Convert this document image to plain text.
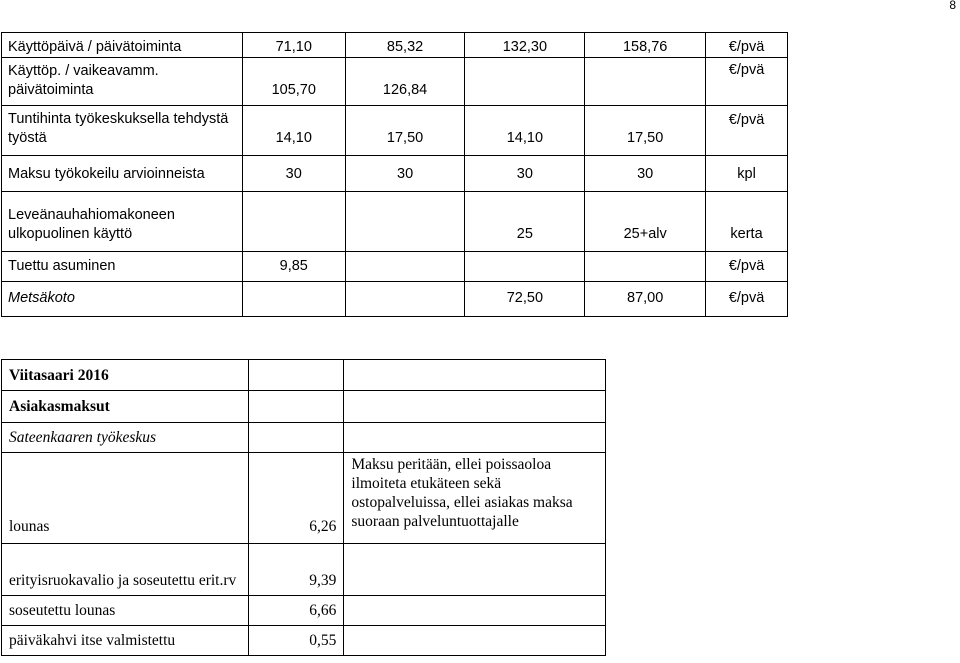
8
Käyttöpäivä / päivätoiminta	71,10	85,32	132,30	158,76	€/pvä
Käyttöp. / vaikeavamm. päivätoiminta	105,70	126,84			€/pvä
Tuntihinta työkeskuksella tehdystä työstä	14,10	17,50	14,10	17,50	€/pvä
Maksu työkokeilu arvioinneista	30	30	30	30	kpl
Leveänauhahiomakoneen ulkopuolinen käyttö			25	25+alv	kerta
Tuettu asuminen	9,85				€/pvä
Metsäkoto			72,50	87,00	€/pvä
Viitasaari 2016		
Asiakasmaksut		
Sateenkaaren työkeskus		
lounas	6,26	Maksu peritään, ellei poissaoloa ilmoiteta etukäteen sekä ostopalveluissa, ellei asiakas maksa suoraan palveluntuottajalle
erityisruokavalio ja soseutettu erit.rv	9,39	
soseutettu lounas	6,66	
päiväkahvi itse valmistettu	0,55	
